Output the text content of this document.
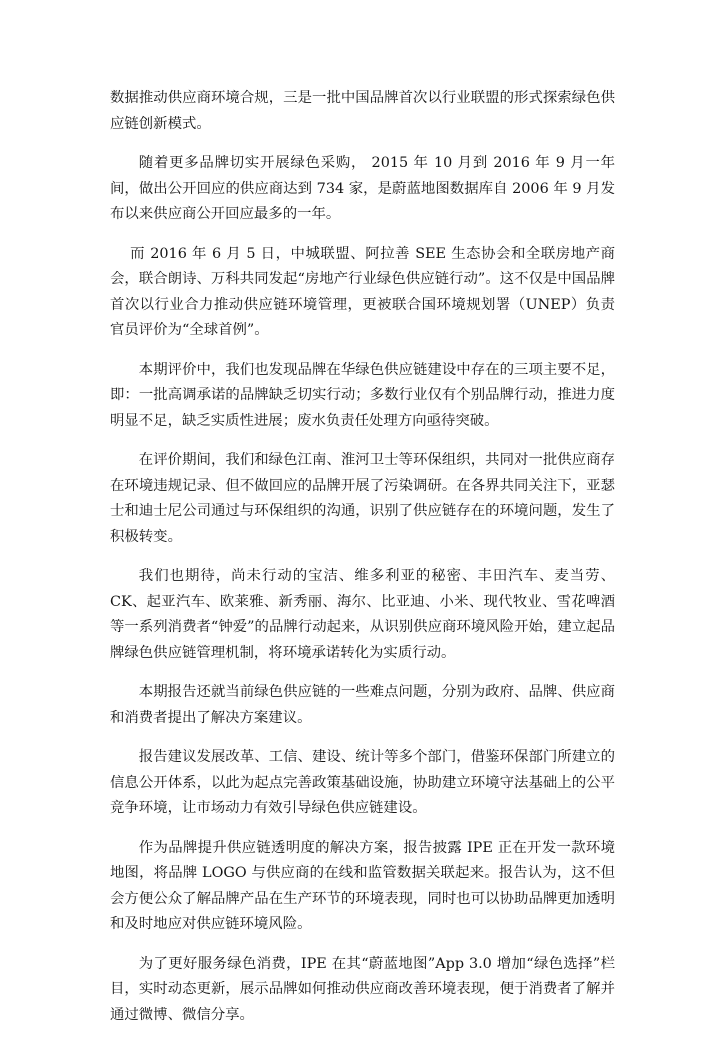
数据推动供应商环境合规，三是一批中国品牌首次以行业联盟的形式探索绿色供应链创新模式。

随着更多品牌切实开展绿色采购， 2015 年 10 月到 2016 年 9 月一年间，做出公开回应的供应商达到 734 家，是蔚蓝地图数据库自 2006 年 9 月发布以来供应商公开回应最多的一年。

而 2016 年 6 月 5 日，中城联盟、阿拉善 SEE 生态协会和全联房地产商会，联合朗诗、万科共同发起“房地产行业绿色供应链行动”。这不仅是中国品牌首次以行业合力推动供应链环境管理，更被联合国环境规划署（UNEP）负责官员评价为“全球首例”。

本期评价中，我们也发现品牌在华绿色供应链建设中存在的三项主要不足，即：一批高调承诺的品牌缺乏切实行动；多数行业仅有个别品牌行动，推进力度明显不足，缺乏实质性进展；废水负责任处理方向亟待突破。

在评价期间，我们和绿色江南、淮河卫士等环保组织，共同对一批供应商存在环境违规记录、但不做回应的品牌开展了污染调研。在各界共同关注下，亚瑟士和迪士尼公司通过与环保组织的沟通，识别了供应链存在的环境问题，发生了积极转变。

我们也期待，尚未行动的宝洁、维多利亚的秘密、丰田汽车、麦当劳、CK、起亚汽车、欧莱雅、新秀丽、海尔、比亚迪、小米、现代牧业、雪花啤酒等一系列消费者“钟爱”的品牌行动起来，从识别供应商环境风险开始，建立起品牌绿色供应链管理机制，将环境承诺转化为实质行动。

本期报告还就当前绿色供应链的一些难点问题，分别为政府、品牌、供应商和消费者提出了解决方案建议。

报告建议发展改革、工信、建设、统计等多个部门，借鉴环保部门所建立的信息公开体系，以此为起点完善政策基础设施，协助建立环境守法基础上的公平竞争环境，让市场动力有效引导绿色供应链建设。

作为品牌提升供应链透明度的解决方案，报告披露 IPE 正在开发一款环境地图，将品牌 LOGO 与供应商的在线和监管数据关联起来。报告认为，这不但会方便公众了解品牌产品在生产环节的环境表现，同时也可以协助品牌更加透明和及时地应对供应链环境风险。

为了更好服务绿色消费，IPE 在其“蔚蓝地图”App 3.0 增加“绿色选择”栏目，实时动态更新，展示品牌如何推动供应商改善环境表现，便于消费者了解并通过微博、微信分享。
